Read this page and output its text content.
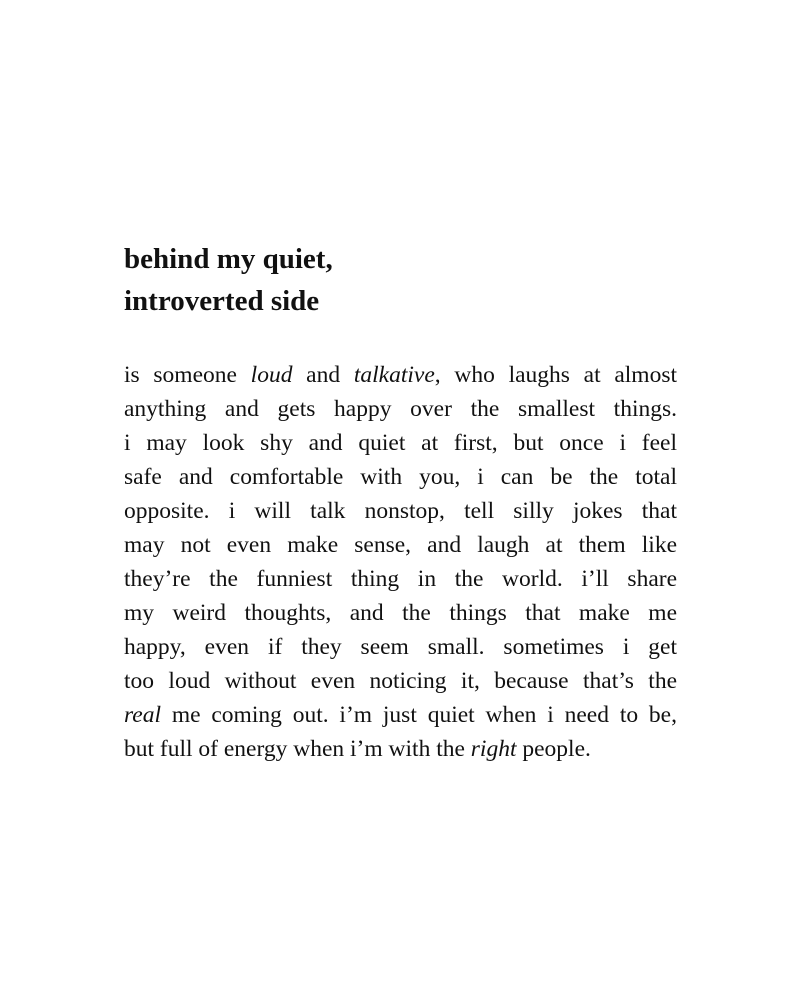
behind my quiet,
introverted side
is someone loud and talkative, who laughs at almost
anything and gets happy over the smallest things.
i may look shy and quiet at first, but once i feel
safe and comfortable with you, i can be the total
opposite. i will talk nonstop, tell silly jokes that
may not even make sense, and laugh at them like
they’re the funniest thing in the world. i’ll share
my weird thoughts, and the things that make me
happy, even if they seem small. sometimes i get
too loud without even noticing it, because that’s the
real me coming out. i’m just quiet when i need to be,
but full of energy when i’m with the right people.
